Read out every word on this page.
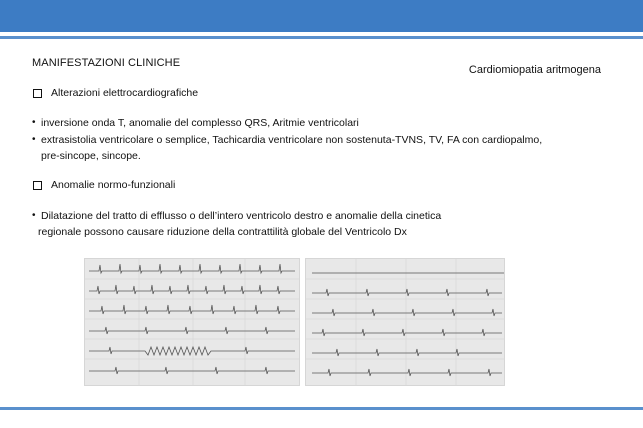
MANIFESTAZIONI CLINICHE
Cardiomiopatia aritmogena
Alterazioni elettrocardiografiche
• inversione onda T, anomalie del complesso QRS, Aritmie ventricolari
• extrasistolia ventricolare o semplice, Tachicardia ventricolare non sostenuta-TVNS, TV, FA con cardiopalmo,
pre-sincope, sincope.
Anomalie normo-funzionali
• Dilatazione del tratto di efflusso o dell’intero ventricolo destro e anomalie della cinetica
regionale possono causare riduzione della contrattilità globale del Ventricolo Dx
